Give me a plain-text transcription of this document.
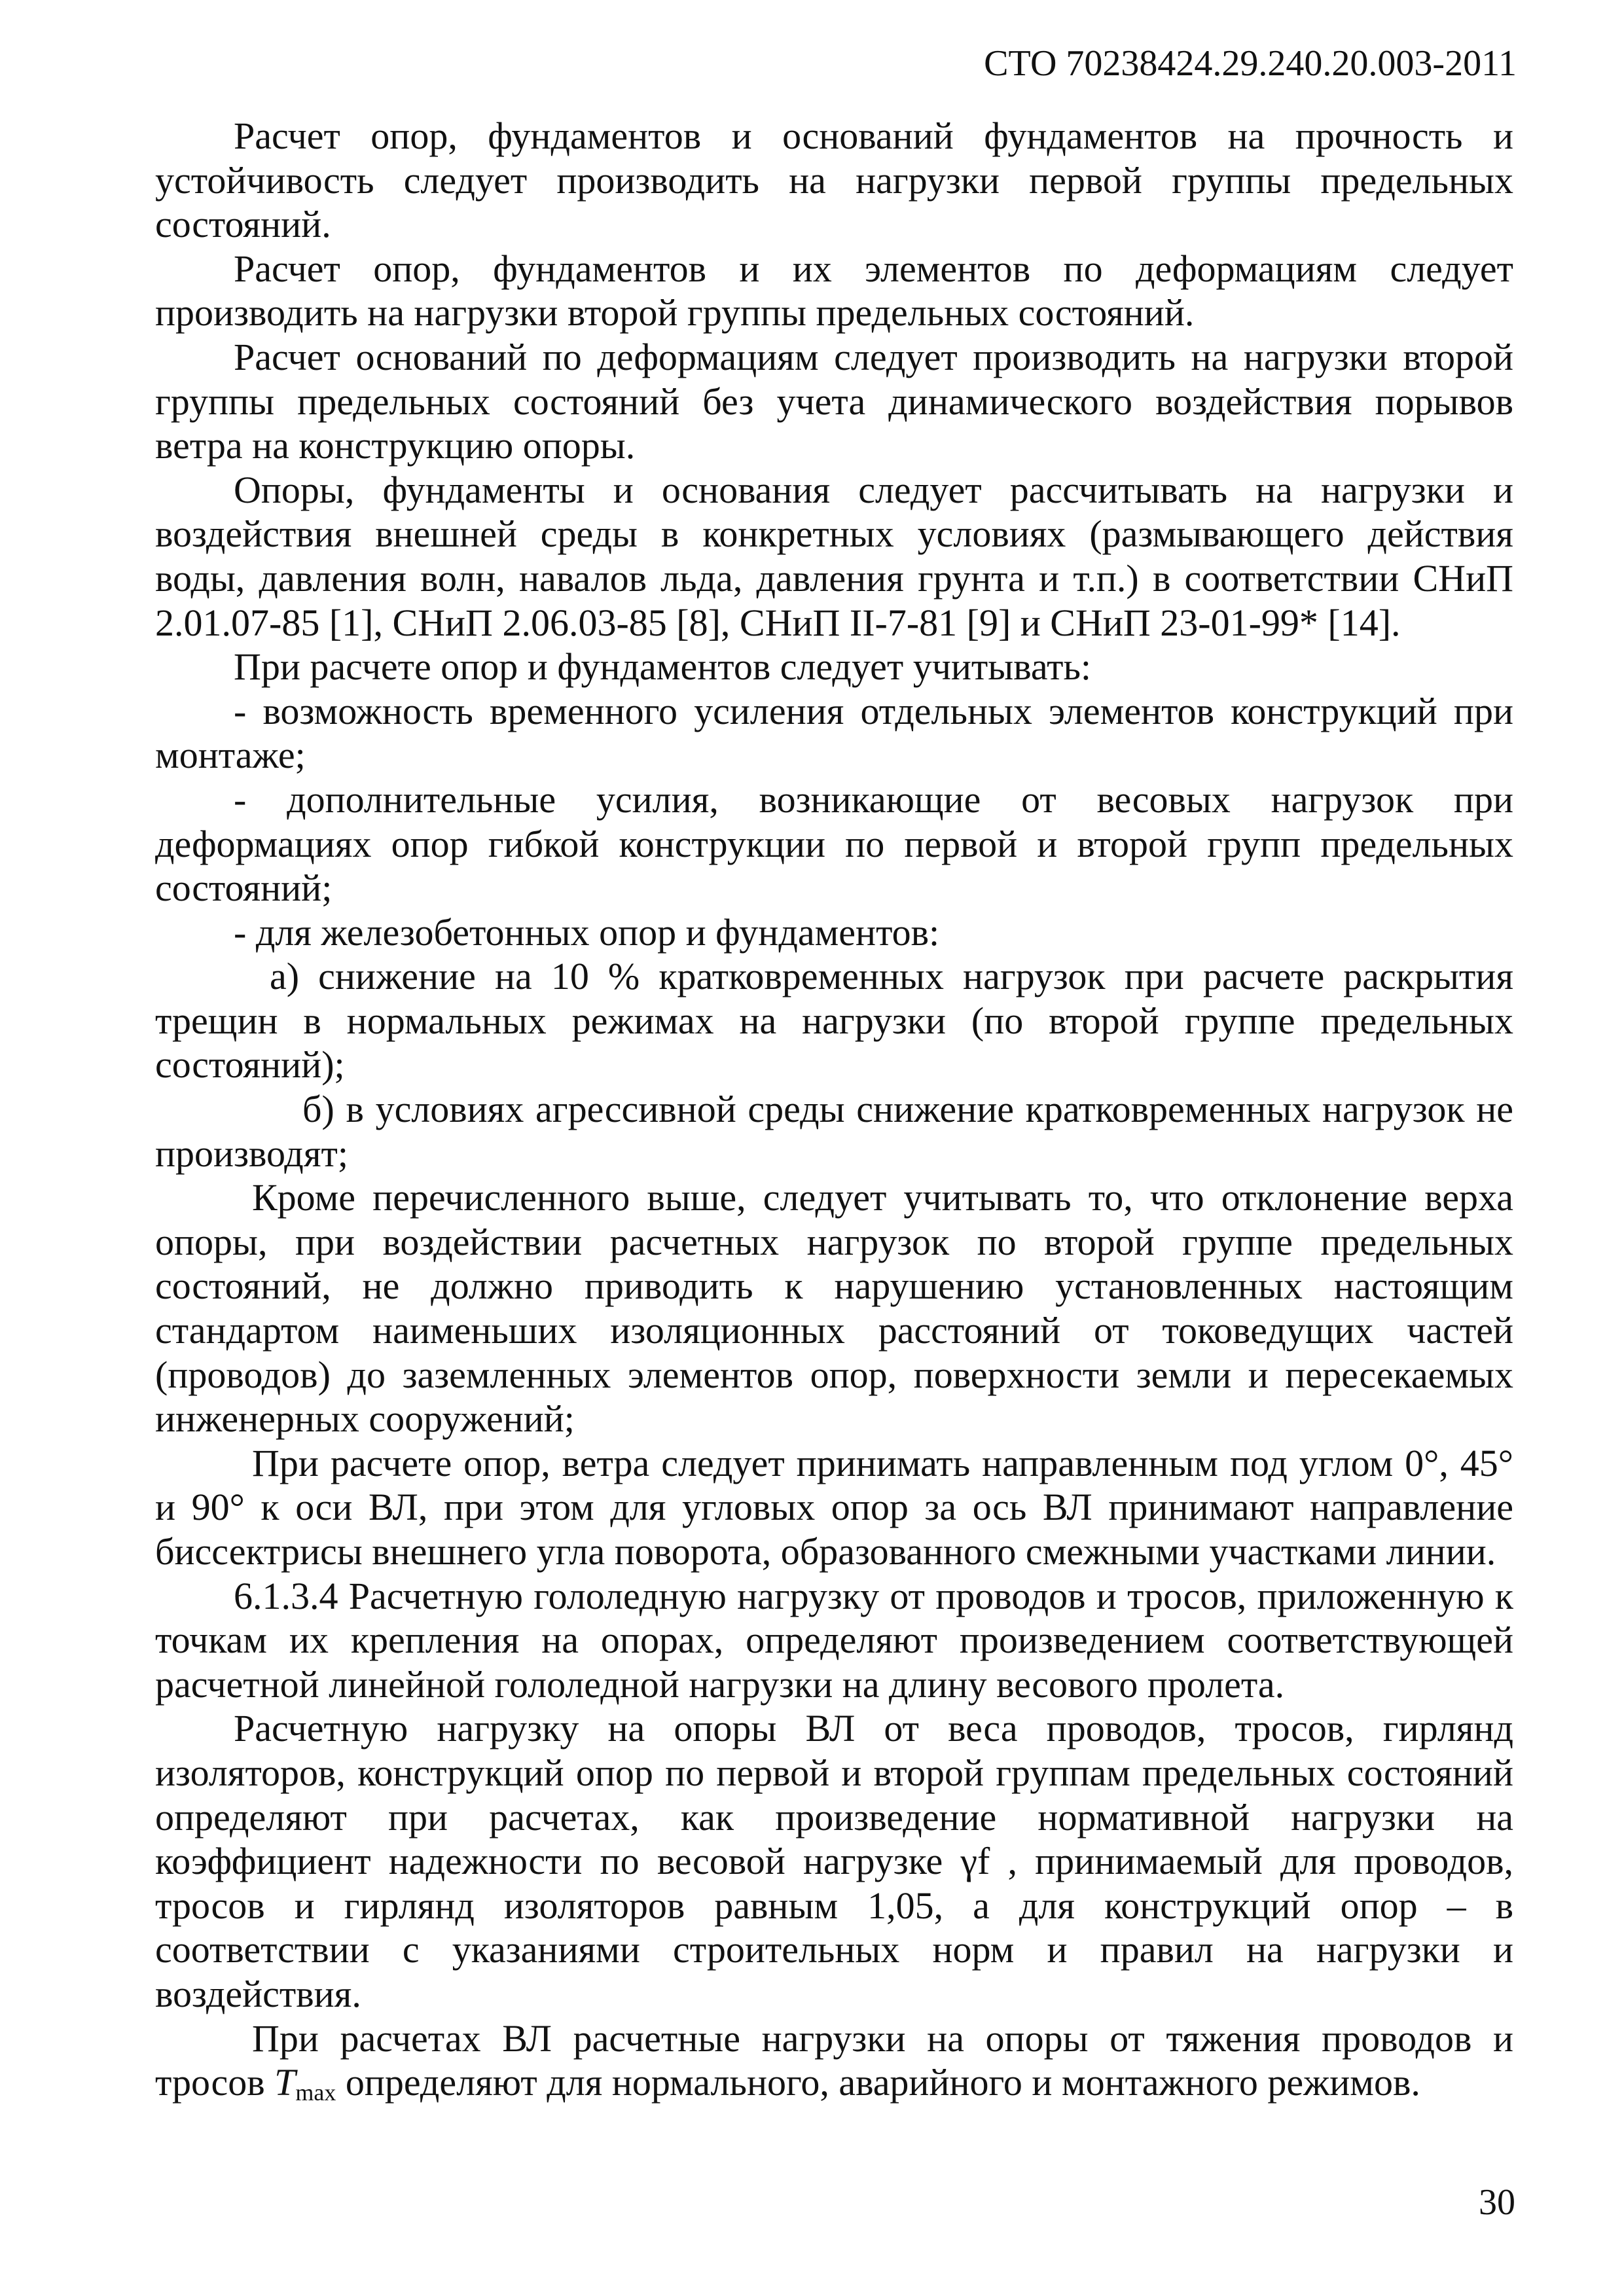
СТО 70238424.29.240.20.003-2011

Расчет опор, фундаментов и оснований фундаментов на прочность и устойчивость следует производить на нагрузки первой группы предельных состояний.

Расчет опор, фундаментов и их элементов по деформациям следует производить на нагрузки второй группы предельных состояний.

Расчет оснований по деформациям следует производить на нагрузки второй группы предельных состояний без учета динамического воздействия порывов ветра на конструкцию опоры.

Опоры, фундаменты и основания следует рассчитывать на нагрузки и воздействия внешней среды в конкретных условиях (размывающего действия воды, давления волн, навалов льда, давления грунта и т.п.) в соответствии СНиП 2.01.07-85 [1], СНиП 2.06.03-85 [8], СНиП II-7-81 [9] и СНиП 23-01-99* [14].

При расчете опор и фундаментов следует учитывать:

- возможность временного усиления отдельных элементов конструкций при монтаже;

- дополнительные усилия, возникающие от весовых нагрузок при деформациях опор гибкой конструкции по первой и второй групп предельных состояний;

- для железобетонных опор и фундаментов:

а) снижение на 10 % кратковременных нагрузок при расчете раскрытия трещин в нормальных режимах на нагрузки (по второй группе предельных состояний);

б) в условиях агрессивной среды снижение кратковременных нагрузок не производят;

Кроме перечисленного выше, следует учитывать то, что отклонение верха опоры, при воздействии расчетных нагрузок по второй группе предельных состояний, не должно приводить к нарушению установленных настоящим стандартом наименьших изоляционных расстояний от токоведущих частей (проводов) до заземленных элементов опор, поверхности земли и пересекаемых инженерных сооружений;

При расчете опор, ветра следует принимать направленным под углом 0°, 45° и 90° к оси ВЛ, при этом для угловых опор за ось ВЛ принимают направление биссектрисы внешнего угла поворота, образованного смежными участками линии.

6.1.3.4 Расчетную гололедную нагрузку от проводов и тросов, приложенную к точкам их крепления на опорах, определяют произведением соответствующей расчетной линейной гололедной нагрузки на длину весового пролета.

Расчетную нагрузку на опоры ВЛ от веса проводов, тросов, гирлянд изоляторов, конструкций опор по первой и второй группам предельных состояний определяют при расчетах, как произведение нормативной нагрузки на коэффициент надежности по весовой нагрузке γf , принимаемый для проводов, тросов и гирлянд изоляторов равным 1,05, а для конструкций опор – в соответствии с указаниями строительных норм и правил на нагрузки и воздействия.

При расчетах ВЛ расчетные нагрузки на опоры от тяжения проводов и тросов $T_{max}$ определяют для нормального, аварийного и монтажного режимов.

30
